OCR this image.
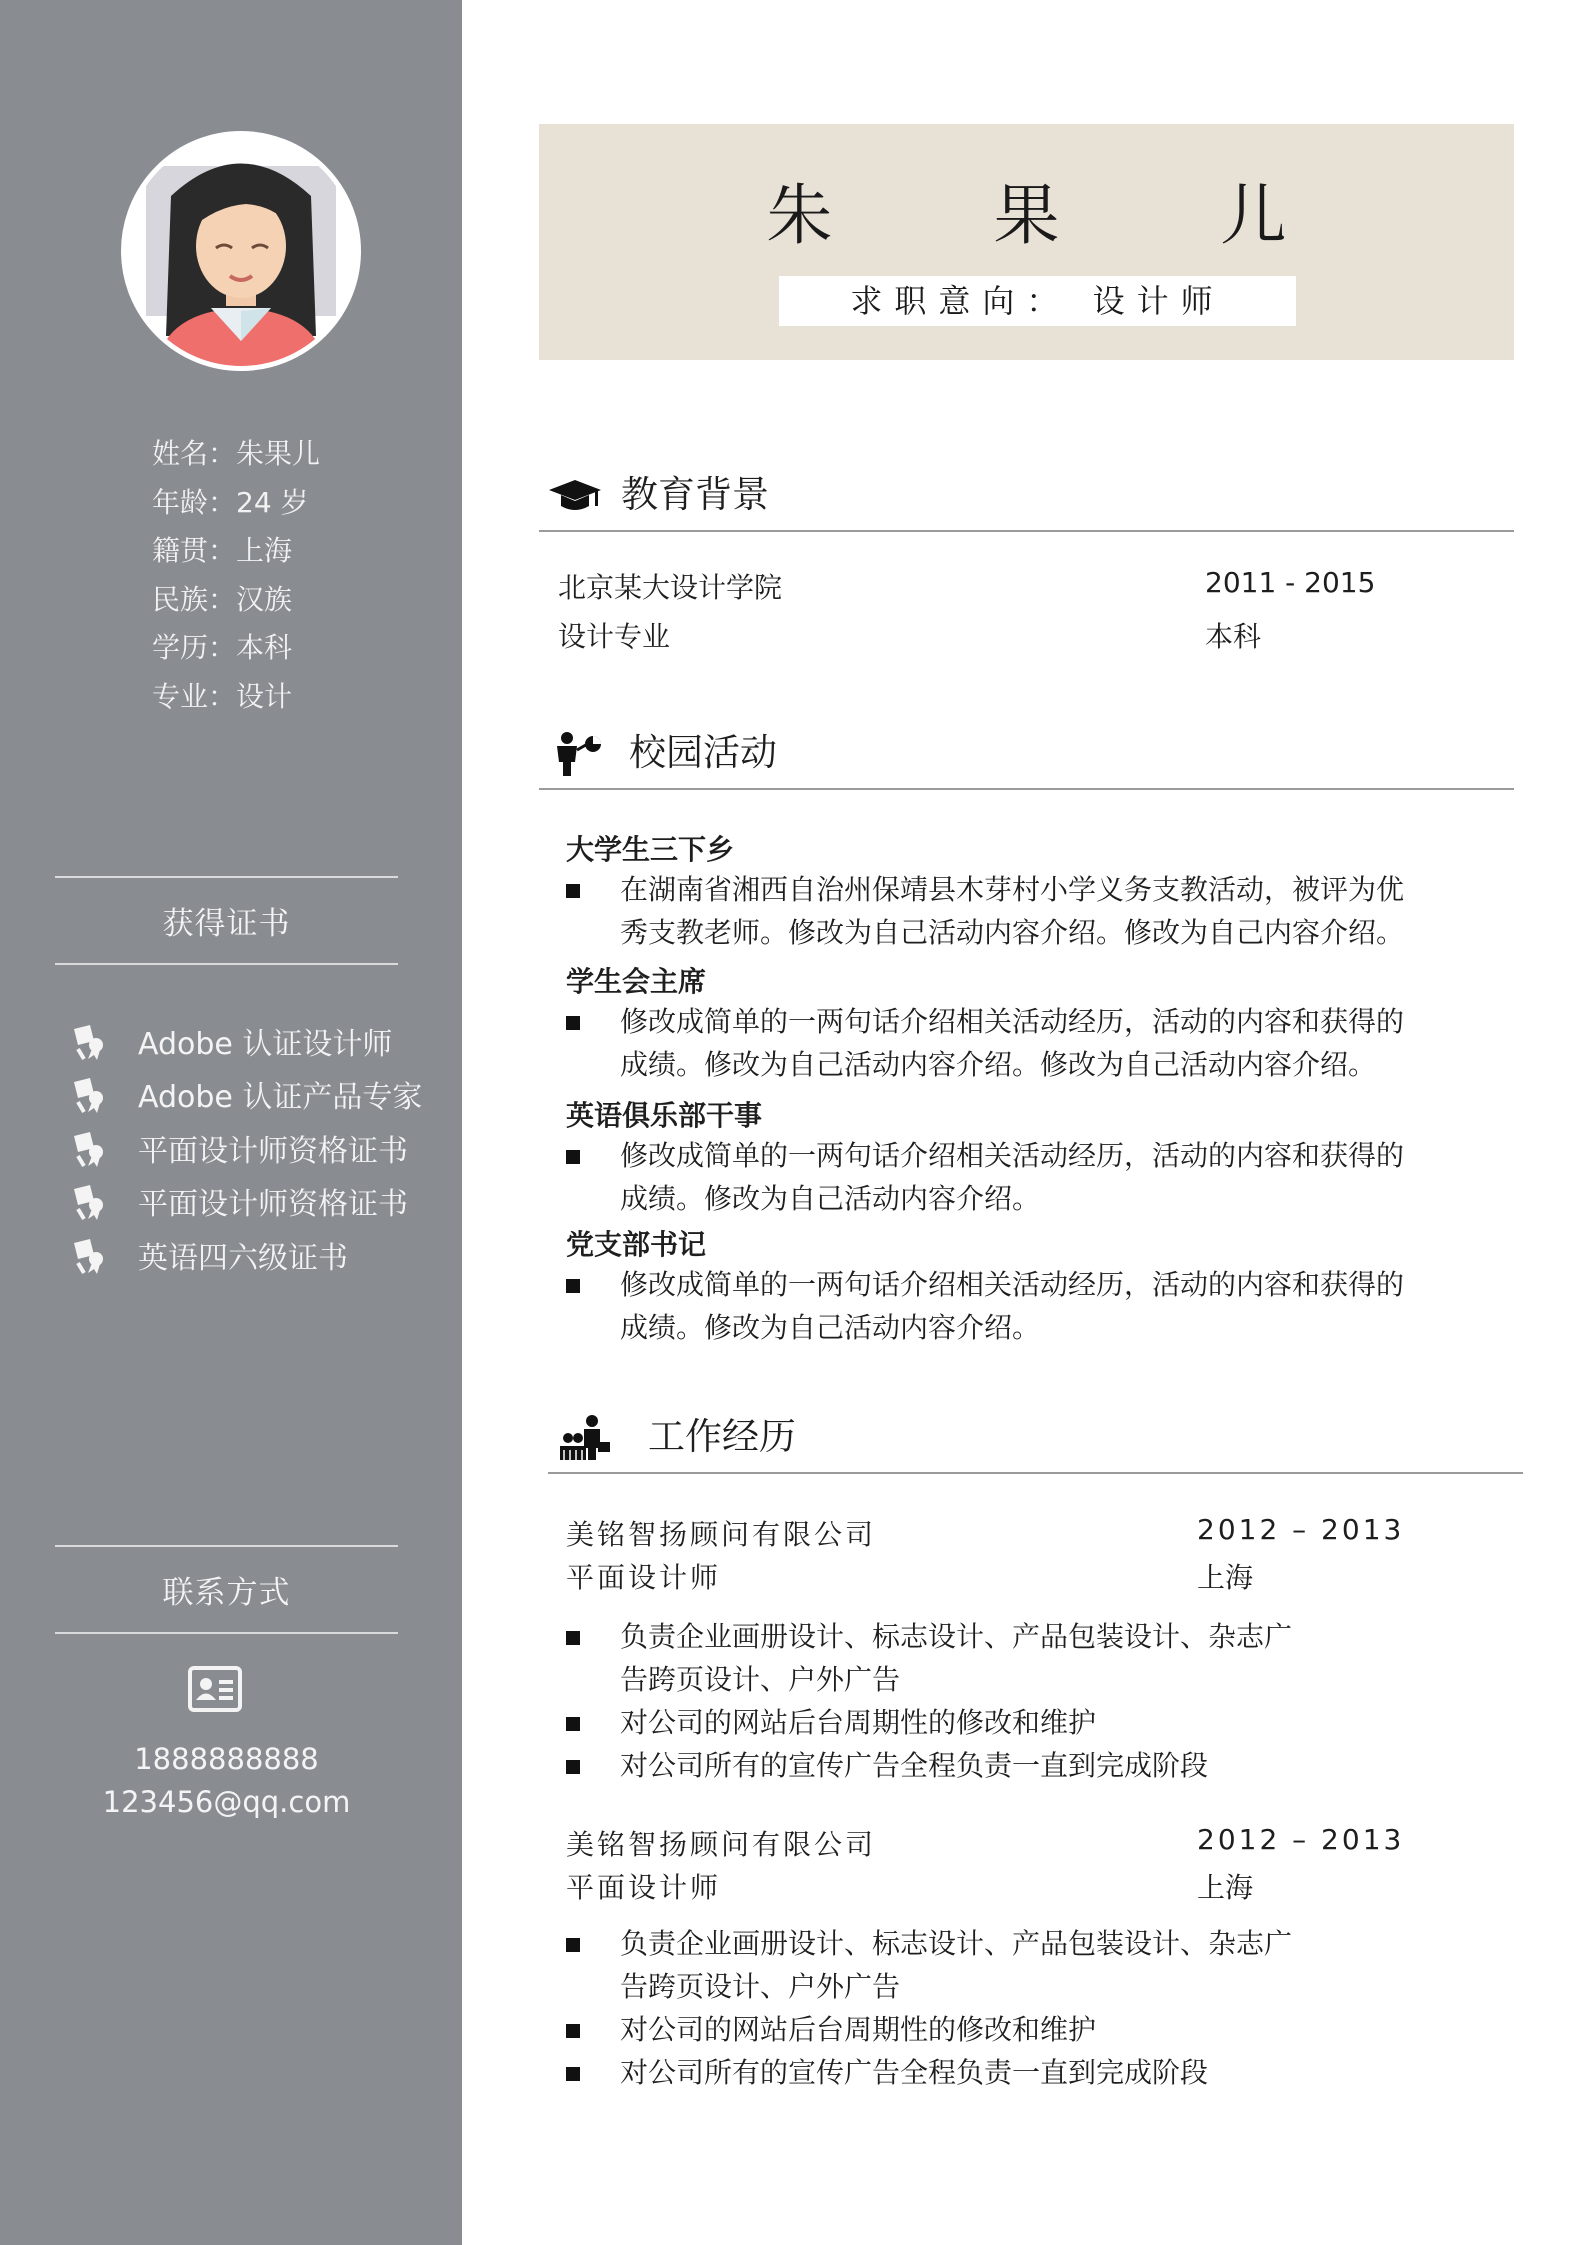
姓名：朱果儿
年龄：24 岁
籍贯：上海
民族：汉族
学历：本科
专业：设计
获得证书
Adobe 认证设计师
Adobe 认证产品专家
平面设计师资格证书
平面设计师资格证书
英语四六级证书
联系方式
1888888888
123456@qq.com
朱 果 儿
求职意向： 设计师
教育背景
北京某大设计学院	2011 - 2015
设计专业	本科
校园活动
大学生三下乡
在湖南省湘西自治州保靖县木芽村小学义务支教活动，被评为优
秀支教老师。修改为自己活动内容介绍。修改为自己内容介绍。
学生会主席
修改成简单的一两句话介绍相关活动经历，活动的内容和获得的
成绩。修改为自己活动内容介绍。修改为自己活动内容介绍。
英语俱乐部干事
修改成简单的一两句话介绍相关活动经历，活动的内容和获得的
成绩。修改为自己活动内容介绍。
党支部书记
修改成简单的一两句话介绍相关活动经历，活动的内容和获得的
成绩。修改为自己活动内容介绍。
工作经历
美铭智扬顾问有限公司	2012 – 2013
平面设计师	上海
负责企业画册设计、标志设计、产品包装设计、杂志广
告跨页设计、户外广告
对公司的网站后台周期性的修改和维护
对公司所有的宣传广告全程负责一直到完成阶段
美铭智扬顾问有限公司	2012 – 2013
平面设计师	上海
负责企业画册设计、标志设计、产品包装设计、杂志广
告跨页设计、户外广告
对公司的网站后台周期性的修改和维护
对公司所有的宣传广告全程负责一直到完成阶段
